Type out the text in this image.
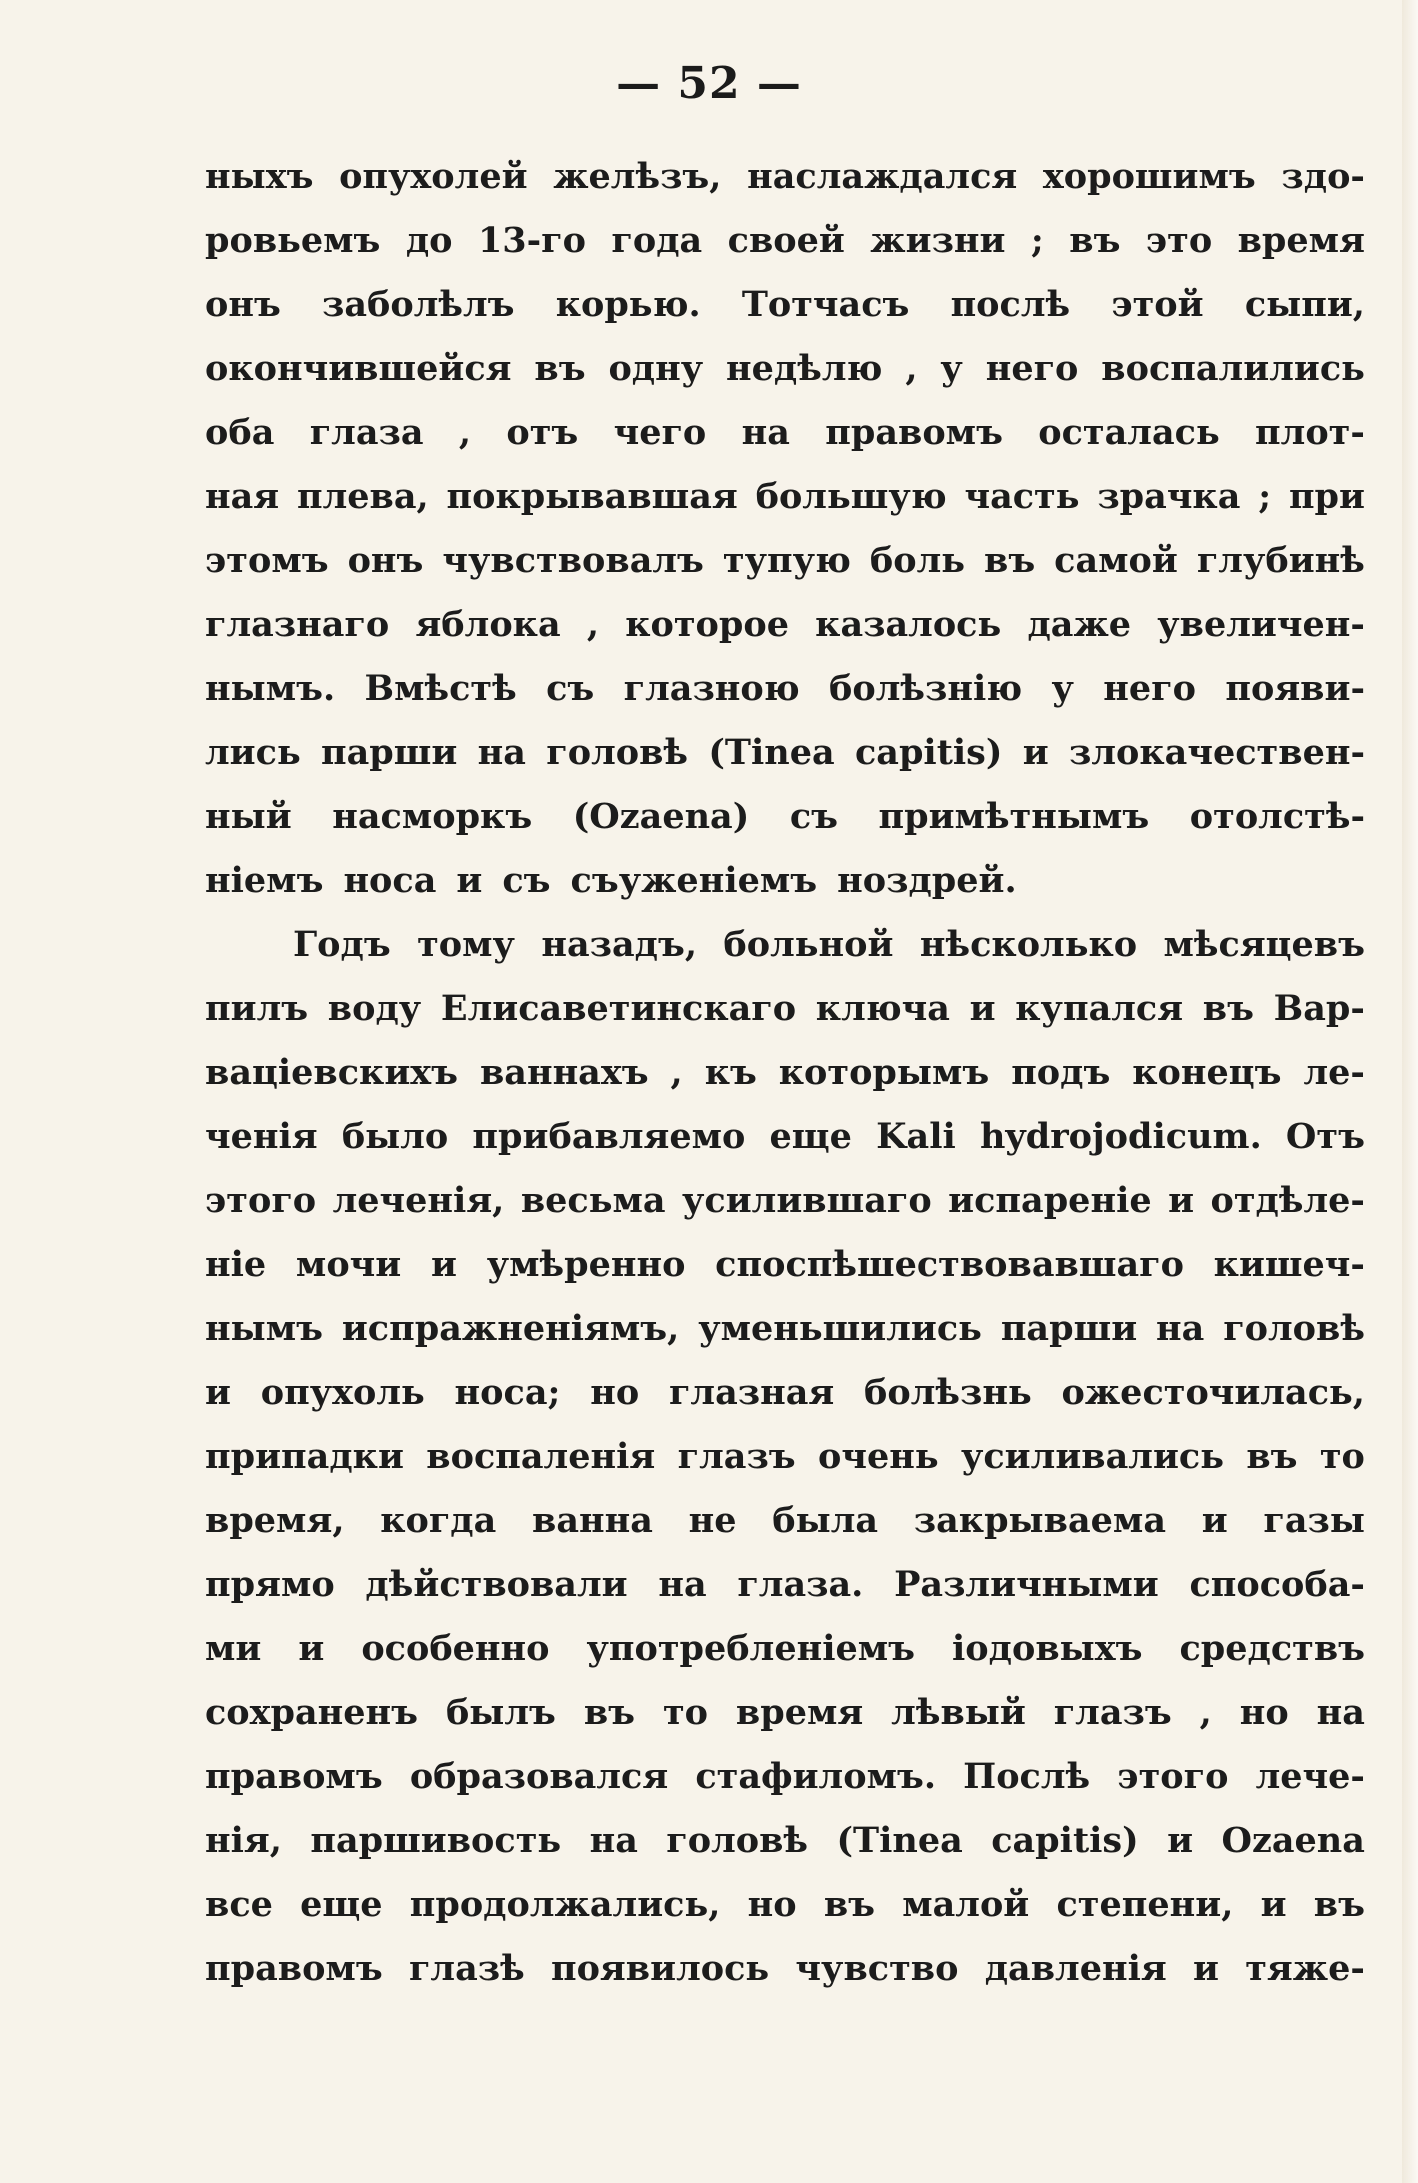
— 52 —
ныхъ опухолей желѣзъ, наслаждался хорошимъ здо-
ровьемъ до 13-го года своей жизни ; въ это время
онъ заболѣлъ корью. Тотчасъ послѣ этой сыпи,
окончившейся въ одну недѣлю , у него воспалились
оба глаза , отъ чего на правомъ осталась плот-
ная плева, покрывавшая большую часть зрачка ; при
этомъ онъ чувствовалъ тупую боль въ самой глубинѣ
глазнаго яблока , которое казалось даже увеличен-
нымъ. Вмѣстѣ съ глазною болѣзнію у него появи-
лись парши на головѣ (Tinea capitis) и злокачествен-
ный насморкъ (Ozaena) съ примѣтнымъ отолстѣ-
ніемъ носа и съ съуженіемъ ноздрей.
Годъ тому назадъ, больной нѣсколько мѣсяцевъ
пилъ воду Елисаветинскаго ключа и купался въ Вар-
ваціевскихъ ваннахъ , къ которымъ подъ конецъ ле-
ченія было прибавляемо еще Kali hydrojodicum. Отъ
этого леченія, весьма усилившаго испареніе и отдѣле-
ніе мочи и умѣренно споспѣшествовавшаго кишеч-
нымъ испражненіямъ, уменьшились парши на головѣ
и опухоль носа; но глазная болѣзнь ожесточилась,
припадки воспаленія глазъ очень усиливались въ то
время, когда ванна не была закрываема и газы
прямо дѣйствовали на глаза. Различными способа-
ми и особенно употребленіемъ іодовыхъ средствъ
сохраненъ былъ въ то время лѣвый глазъ , но на
правомъ образовался стафиломъ. Послѣ этого лече-
нія, паршивость на головѣ (Tinea capitis) и Ozaena
все еще продолжались, но въ малой степени, и въ
правомъ глазѣ появилось чувство давленія и тяже-
